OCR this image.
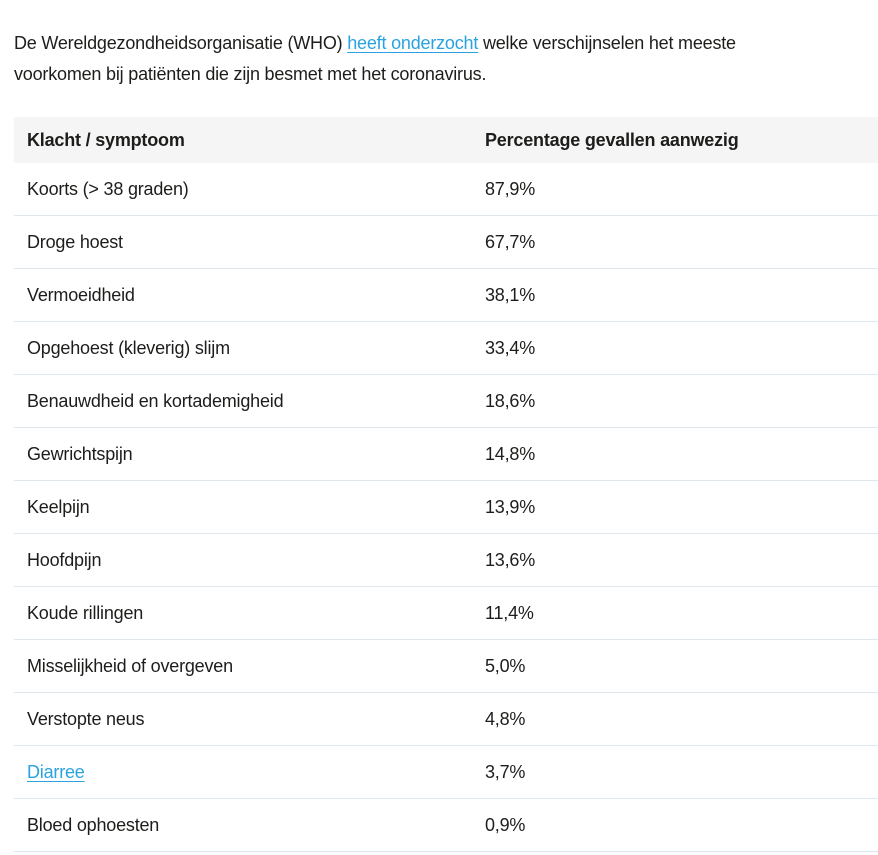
De Wereldgezondheidsorganisatie (WHO) heeft onderzocht welke verschijnselen het meeste
voorkomen bij patiënten die zijn besmet met het coronavirus.

Klacht / symptoom	Percentage gevallen aanwezig
Koorts (> 38 graden)	87,9%
Droge hoest	67,7%
Vermoeidheid	38,1%
Opgehoest (kleverig) slijm	33,4%
Benauwdheid en kortademigheid	18,6%
Gewrichtspijn	14,8%
Keelpijn	13,9%
Hoofdpijn	13,6%
Koude rillingen	11,4%
Misselijkheid of overgeven	5,0%
Verstopte neus	4,8%
Diarree	3,7%
Bloed ophoesten	0,9%
